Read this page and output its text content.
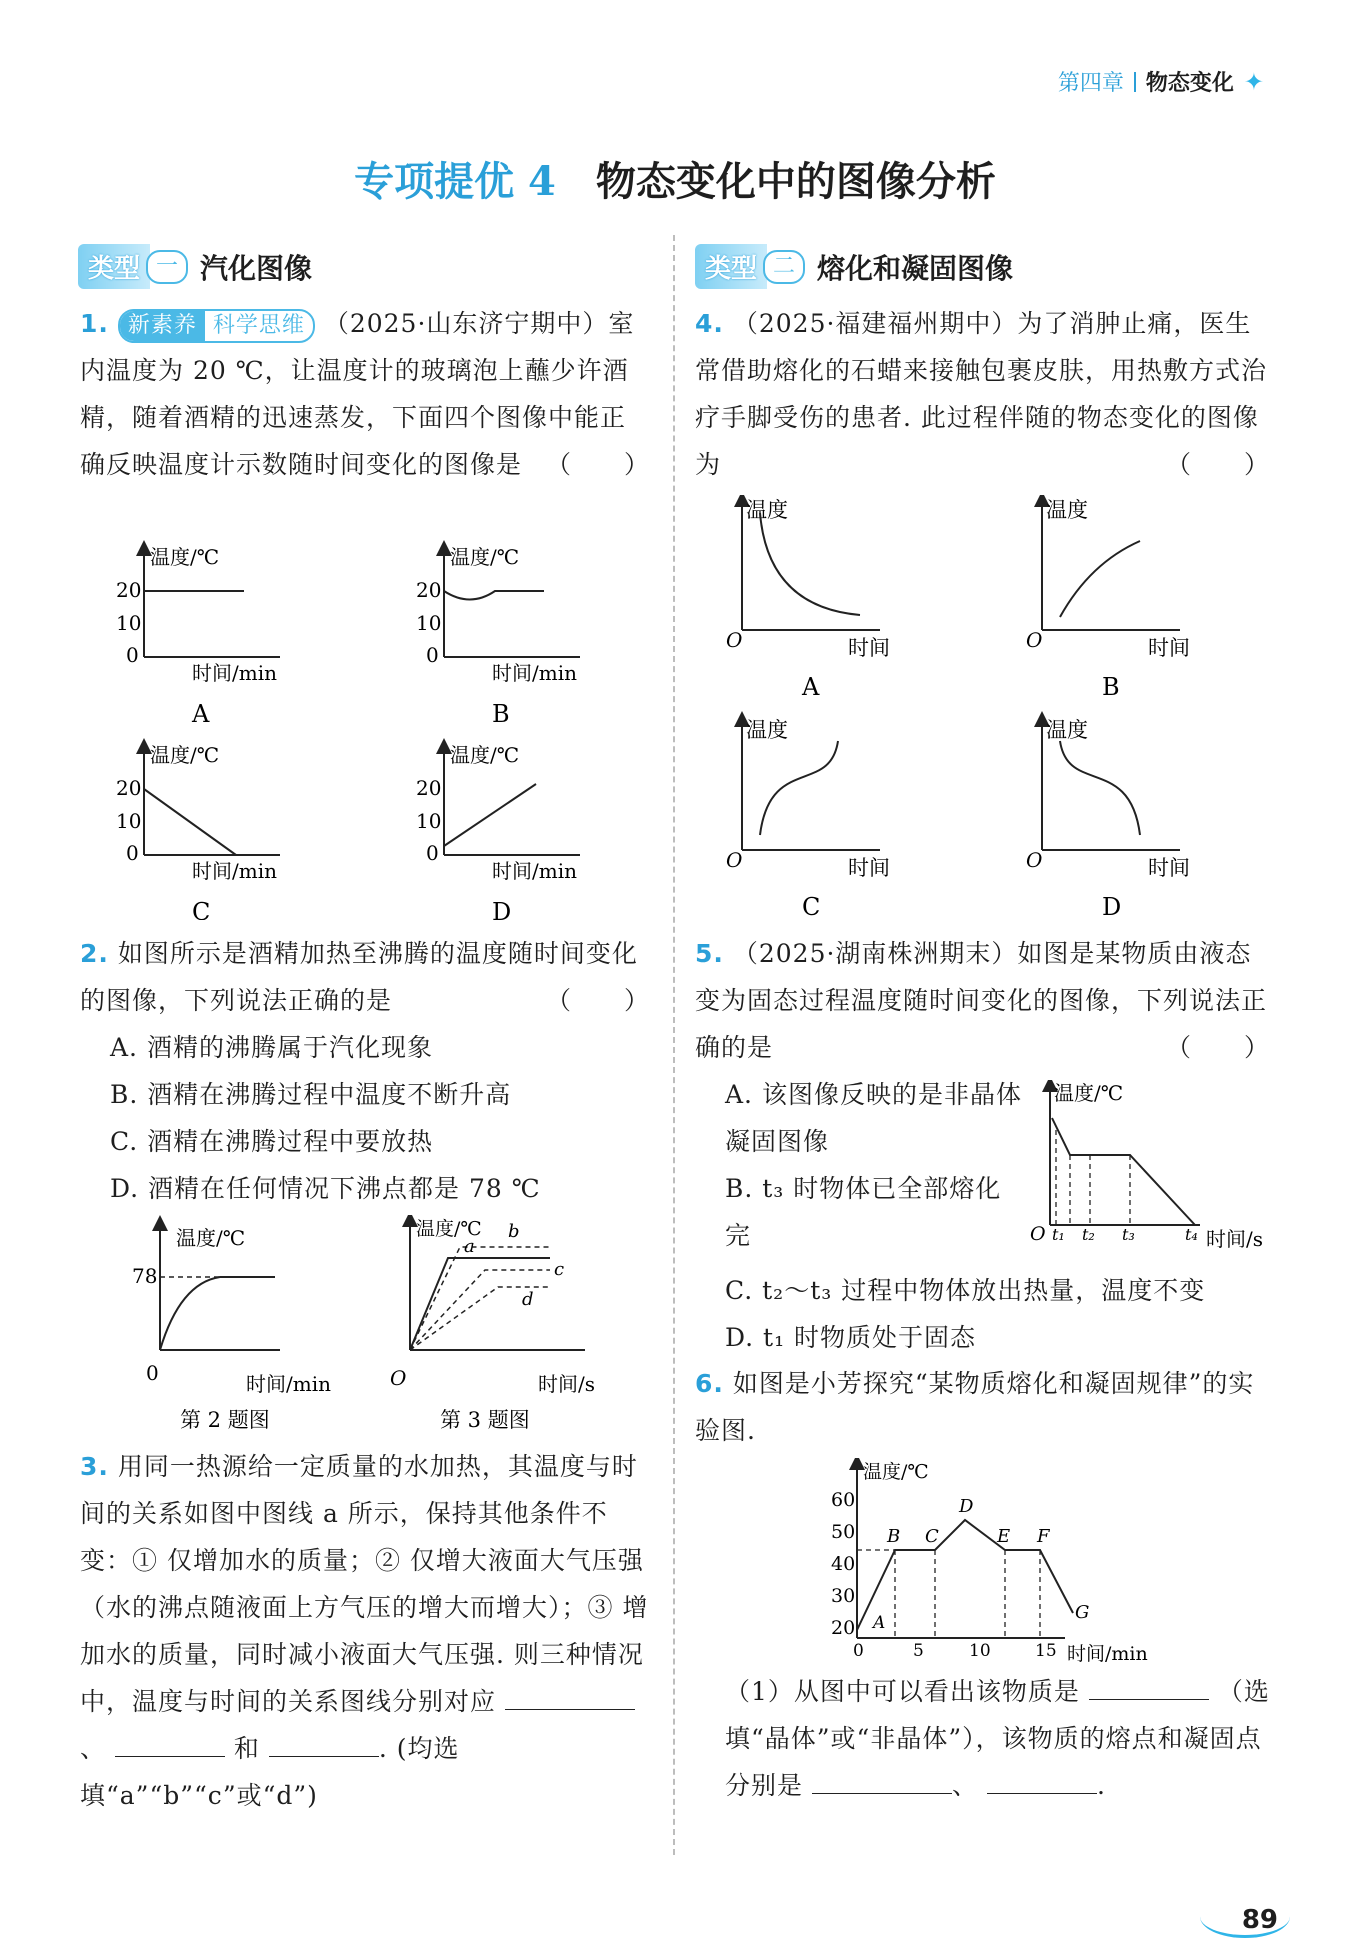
第四章 物态变化 ✦
专项提优 4 物态变化中的图像分析
类型 一 汽化图像
1. 新素养 科学思维 （2025·山东济宁期中）室内温度为 20 ℃，让温度计的玻璃泡上蘸少许酒精，随着酒精的迅速蒸发，下面四个图像中能正确反映温度计示数随时间变化的图像是 （　　）
温度/℃
时间/min
20
10
0
A
温度/℃
时间/min
20
10
0
B
温度/℃
时间/min
20
10
0
C
温度/℃
时间/min
20
10
0
D
2. 如图所示是酒精加热至沸腾的温度随时间变化的图像，下列说法正确的是	（　　）
A. 酒精的沸腾属于汽化现象
B. 酒精在沸腾过程中温度不断升高
C. 酒精在沸腾过程中要放热
D. 酒精在任何情况下沸点都是 78 ℃
温度/℃
时间/min
78
0
第 2 题图
温度/℃
时间/s
O
a
b
c
d
第 3 题图
3. 用同一热源给一定质量的水加热，其温度与时间的关系如图中图线 a 所示，保持其他条件不变：① 仅增加水的质量；② 仅增大液面大气压强（水的沸点随液面上方气压的增大而增大）；③ 增加水的质量，同时减小液面大气压强. 则三种情况中，温度与时间的关系图线分别对应 、	和	. (均选填“a”“b”“c”或“d”)
类型 二 熔化和凝固图像
4. （2025·福建福州期中）为了消肿止痛，医生常借助熔化的石蜡来接触包裹皮肤，用热敷方式治疗手脚受伤的患者. 此过程伴随的物态变化的图像为	（　　）
温度
时间
O
A
温度
时间
O
B
温度
时间
O
C
温度
时间
O
D
5. （2025·湖南株洲期末）如图是某物质由液态变为固态过程温度随时间变化的图像，下列说法正确的是	（　　）
A. 该图像反映的是非晶体凝固图像
B. t₃ 时物体已全部熔化完
C. t₂～t₃ 过程中物体放出热量，温度不变
D. t₁ 时物质处于固态
温度/℃
时间/s
O t₁ t₂ t₃	t₄
6. 如图是小芳探究“某物质熔化和凝固规律”的实验图.
温度/℃
时间/min
60
50
40
30
20
0	5	10	15
A
B C
D
E F
G
（1）从图中可以看出该物质是	（选填“晶体”或“非晶体”），该物质的熔点和凝固点分别是	、	.
89
